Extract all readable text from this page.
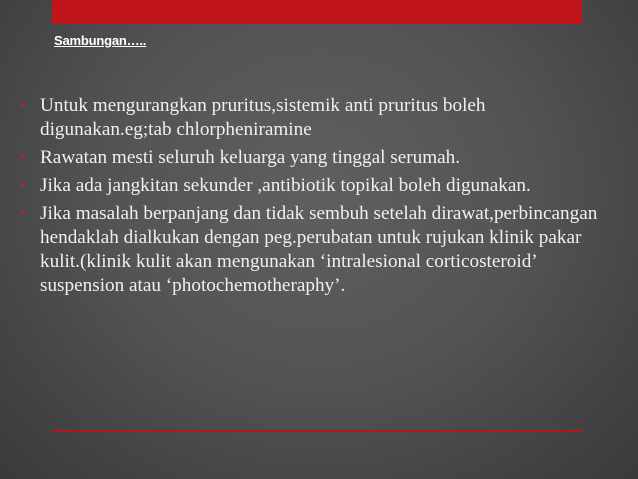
Sambungan…..
• Untuk mengurangkan pruritus,sistemik anti pruritus boleh digunakan.eg;tab chlorpheniramine
• Rawatan mesti seluruh keluarga yang tinggal serumah.
• Jika ada jangkitan sekunder ,antibiotik topikal boleh digunakan.
• Jika masalah berpanjang dan tidak sembuh setelah dirawat,perbincangan hendaklah dialkukan dengan peg.perubatan untuk rujukan klinik pakar kulit.(klinik kulit akan mengunakan ‘intralesional corticosteroid’ suspension atau ‘photochemotheraphy’.
